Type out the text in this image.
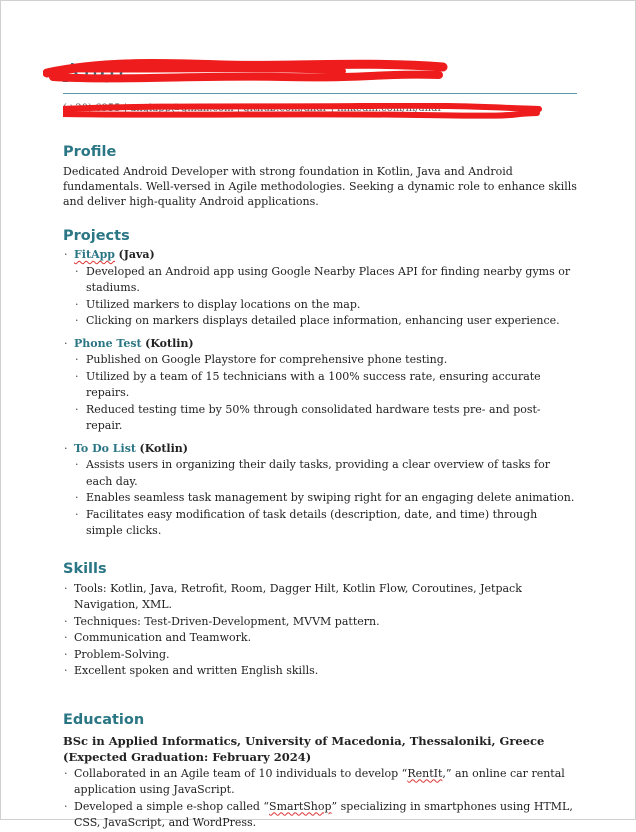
Andr
(+30) 6955 | anglapp@gmail.com | github.com/andr | linkedin.com/in/andr
Profile

Dedicated Android Developer with strong foundation in Kotlin, Java and Android fundamentals. Well-versed in Agile methodologies. Seeking a dynamic role to enhance skills and deliver high-quality Android applications.

Projects
· FitApp (Java)
· Developed an Android app using Google Nearby Places API for finding nearby gyms or stadiums.
· Utilized markers to display locations on the map.
· Clicking on markers displays detailed place information, enhancing user experience.
· Phone Test (Kotlin)
· Published on Google Playstore for comprehensive phone testing.
· Utilized by a team of 15 technicians with a 100% success rate, ensuring accurate repairs.
· Reduced testing time by 50% through consolidated hardware tests pre- and post-repair.
· To Do List (Kotlin)
· Assists users in organizing their daily tasks, providing a clear overview of tasks for each day.
· Enables seamless task management by swiping right for an engaging delete animation.
· Facilitates easy modification of task details (description, date, and time) through simple clicks.
Skills
· Tools: Kotlin, Java, Retrofit, Room, Dagger Hilt, Kotlin Flow, Coroutines, Jetpack Navigation, XML.
· Techniques: Test-Driven-Development, MVVM pattern.
· Communication and Teamwork.
· Problem-Solving.
· Excellent spoken and written English skills.
Education

BSc in Applied Informatics, University of Macedonia, Thessaloniki, Greece (Expected Graduation: February 2024)

· Collaborated in an Agile team of 10 individuals to develop “RentIt,” an online car rental application using JavaScript.
· Developed a simple e-shop called “SmartShop” specializing in smartphones using HTML, CSS, JavaScript, and WordPress.
